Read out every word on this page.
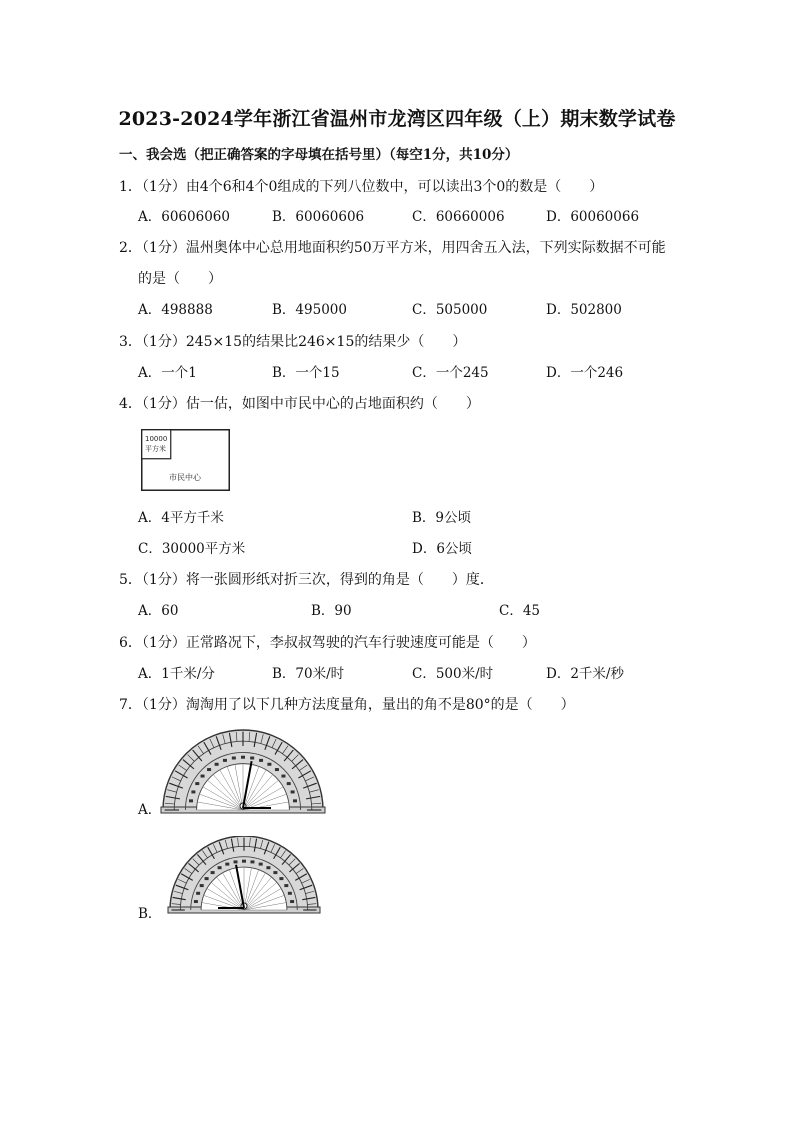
2023-2024学年浙江省温州市龙湾区四年级（上）期末数学试卷
一、我会选（把正确答案的字母填在括号里）（每空1分，共10分）
1．（1分）由4个6和4个0组成的下列八位数中，可以读出3个0的数是（　　）
A．60606060	B．60060606	C．60660006	D．60060066
2．（1分）温州奥体中心总用地面积约50万平方米，用四舍五入法，下列实际数据不可能
的是（　　）
A．498888	B．495000	C．505000	D．502800
3．（1分）245×15的结果比246×15的结果少（　　）
A．一个1	B．一个15	C．一个245	D．一个246
4．（1分）估一估，如图中市民中心的占地面积约（　　）
10000
平方米
市民中心
A．4平方千米	B．9公顷
C．30000平方米	D．6公顷
5．（1分）将一张圆形纸对折三次，得到的角是（　　）度．
A．60	B．90	C．45
6．（1分）正常路况下，李叔叔驾驶的汽车行驶速度可能是（　　）
A．1千米/分	B．70米/时	C．500米/时	D．2千米/秒
7．（1分）淘淘用了以下几种方法度量角，量出的角不是80°的是（　　）
A．
B．
